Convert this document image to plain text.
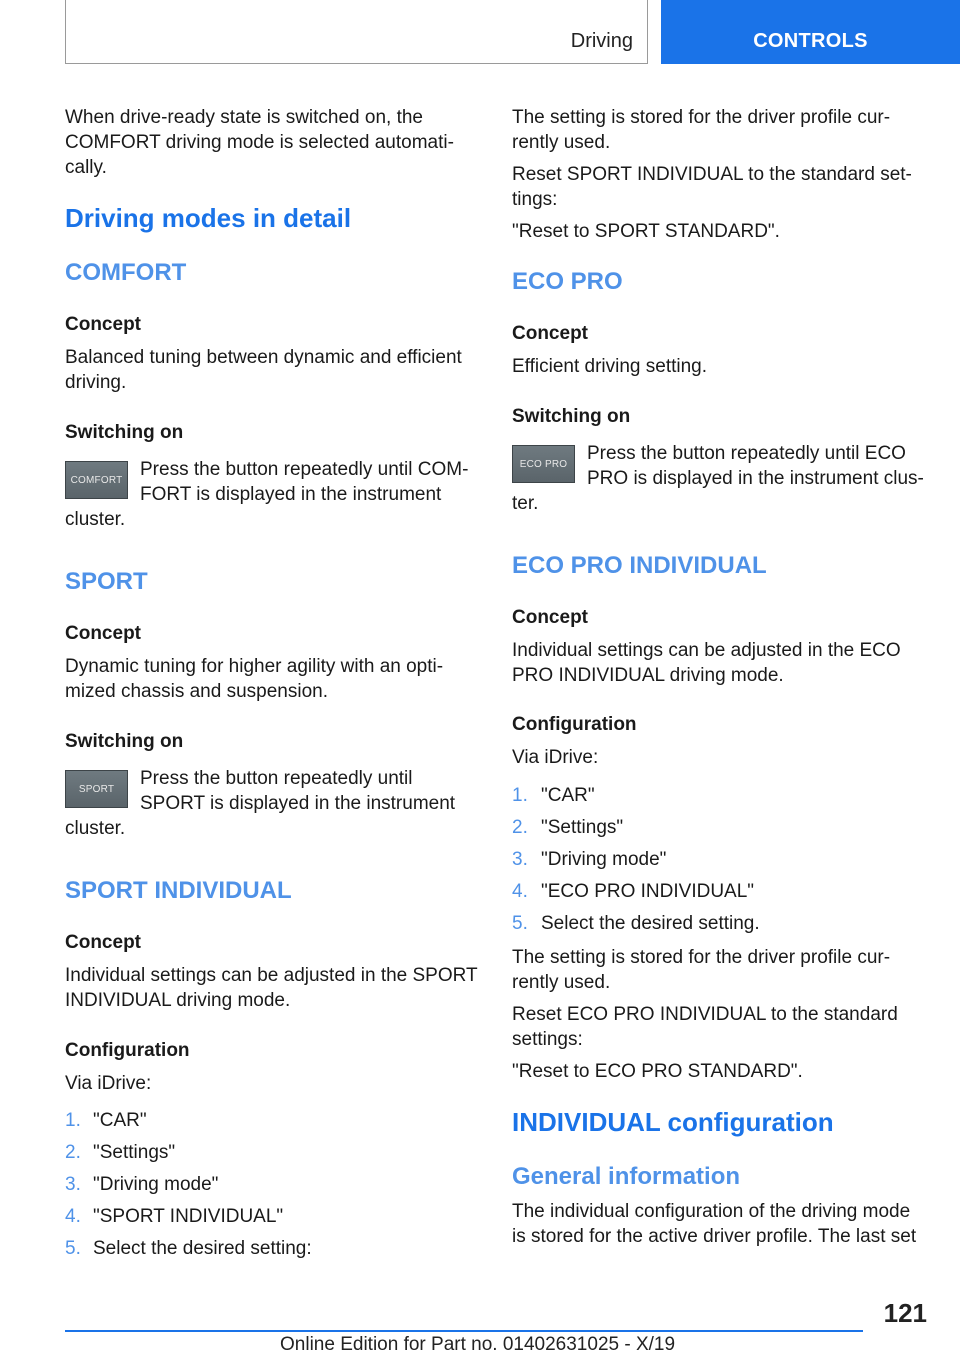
Driving	CONTROLS

When drive-ready state is switched on, the

COMFORT driving mode is selected automati-

cally.

Driving modes in detail
COMFORT
Concept

Balanced tuning between dynamic and efficient

driving.

Switching on
COMFORT Press the button repeatedly until COM-

FORT is displayed in the instrument

cluster.

SPORT
Concept

Dynamic tuning for higher agility with an opti-

mized chassis and suspension.

Switching on
SPORT	Press the button repeatedly until

SPORT is displayed in the instrument

cluster.

SPORT INDIVIDUAL
Concept

Individual settings can be adjusted in the SPORT

INDIVIDUAL driving mode.

Configuration

Via iDrive:

1. "CAR"
2. "Settings"
3. "Driving mode"
4. "SPORT INDIVIDUAL"
5. Select the desired setting:

The setting is stored for the driver profile cur-

rently used.

Reset SPORT INDIVIDUAL to the standard set-

tings:

"Reset to SPORT STANDARD".

ECO PRO
Concept

Efficient driving setting.

Switching on
ECO PRO	Press the button repeatedly until ECO

PRO is displayed in the instrument clus-

ter.

ECO PRO INDIVIDUAL
Concept

Individual settings can be adjusted in the ECO

PRO INDIVIDUAL driving mode.

Configuration

Via iDrive:

1. "CAR"
2. "Settings"
3. "Driving mode"
4. "ECO PRO INDIVIDUAL"
5. Select the desired setting.

The setting is stored for the driver profile cur-

rently used.

Reset ECO PRO INDIVIDUAL to the standard

settings:

"Reset to ECO PRO STANDARD".

INDIVIDUAL configuration
General information

The individual configuration of the driving mode

is stored for the active driver profile. The last set

121
Online Edition for Part no. 01402631025 - X/19
